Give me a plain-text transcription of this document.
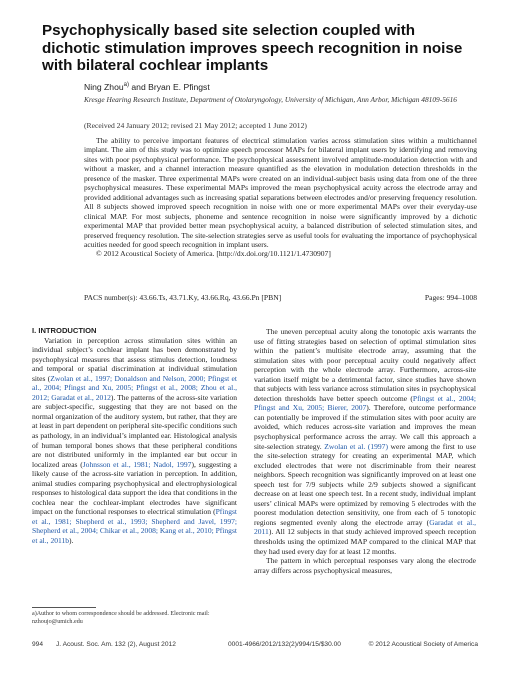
Psychophysically based site selection coupled with dichotic stimulation improves speech recognition in noise with bilateral cochlear implants
Ning Zhou$^{a)}$ and Bryan E. Pfingst
Kresge Hearing Research Institute, Department of Otolaryngology, University of Michigan, Ann Arbor, Michigan 48109-5616
(Received 24 January 2012; revised 21 May 2012; accepted 1 June 2012)

The ability to perceive important features of electrical stimulation varies across stimulation sites within a multichannel implant. The aim of this study was to optimize speech processor MAPs for bilateral implant users by identifying and removing sites with poor psychophysical performance. The psychophysical assessment involved amplitude-modulation detection with and without a masker, and a channel interaction measure quantified as the elevation in modulation detection thresholds in the presence of the masker. Three experimental MAPs were created on an individual-subject basis using data from one of the three psychophysical measures. These experimental MAPs improved the mean psychophysical acuity across the electrode array and provided additional advantages such as increasing spatial separations between electrodes and/or preserving frequency resolution. All 8 subjects showed improved speech recognition in noise with one or more experimental MAPs over their everyday-use clinical MAP. For most subjects, phoneme and sentence recognition in noise were significantly improved by a dichotic experimental MAP that provided better mean psychophysical acuity, a balanced distribution of selected stimulation sites, and preserved frequency resolution. The site-selection strategies serve as useful tools for evaluating the importance of psychophysical acuities needed for good speech recognition in implant users.

© 2012 Acoustical Society of America. [http://dx.doi.org/10.1121/1.4730907]

PACS number(s): 43.66.Ts, 43.71.Ky, 43.66.Rq, 43.66.Pn [PBN]	Pages: 994–1008

I. INTRODUCTION

Variation in perception across stimulation sites within an individual subject’s cochlear implant has been demonstrated by psychophysical measures that assess stimulus detection, loudness and temporal or spatial discrimination at individual stimulation sites (Zwolan et al., 1997; Donaldson and Nelson, 2000; Pfingst et al., 2004; Pfingst and Xu, 2005; Pfingst et al., 2008; Zhou et al., 2012; Garadat et al., 2012). The patterns of the across-site variation are subject-specific, suggesting that they are not based on the normal organization of the auditory system, but rather, that they are at least in part dependent on peripheral site-specific conditions such as pathology, in an individual’s implanted ear. Histological analysis of human temporal bones shows that these peripheral conditions are not distributed uniformly in the implanted ear but occur in localized areas (Johnsson et al., 1981; Nadol, 1997), suggesting a likely cause of the across-site variation in perception. In addition, animal studies comparing psychophysical and electrophysiological responses to histological data support the idea that conditions in the cochlea near the cochlear-implant electrodes have significant impact on the functional responses to electrical stimulation (Pfingst et al., 1981; Shepherd et al., 1993; Shepherd and Javel, 1997; Shepherd et al., 2004; Chikar et al., 2008; Kang et al., 2010; Pfingst et al., 2011b).

The uneven perceptual acuity along the tonotopic axis warrants the use of fitting strategies based on selection of optimal stimulation sites within the patient’s multisite electrode array, assuming that the stimulation sites with poor perceptual acuity could negatively affect perception with the whole electrode array. Furthermore, across-site variation itself might be a detrimental factor, since studies have shown that subjects with less variance across stimulation sites in psychophysical detection thresholds have better speech outcome (Pfingst et al., 2004; Pfingst and Xu, 2005; Bierer, 2007). Therefore, outcome performance can potentially be improved if the stimulation sites with poor acuity are avoided, which reduces across-site variation and improves the mean psychophysical performance across the array. We call this approach a site-selection strategy. Zwolan et al. (1997) were among the first to use the site-selection strategy for creating an experimental MAP, which excluded electrodes that were not discriminable from their nearest neighbors. Speech recognition was significantly improved on at least one speech test for 7/9 subjects while 2/9 subjects showed a significant decrease on at least one speech test. In a recent study, individual implant users’ clinical MAPs were optimized by removing 5 electrodes with the poorest modulation detection sensitivity, one from each of 5 tonotopic regions segmented evenly along the electrode array (Garadat et al., 2011). All 12 subjects in that study achieved improved speech reception thresholds using the optimized MAP compared to the clinical MAP that they had used every day for at least 12 months.

The pattern in which perceptual responses vary along the electrode array differs across psychophysical measures,

a)Author to whom correspondence should be addressed. Electronic mail: nzhoujo@umich.edu
994 J. Acoust. Soc. Am. 132 (2), August 2012	0001-4966/2012/132(2)/994/15/$30.00	© 2012 Acoustical Society of America
